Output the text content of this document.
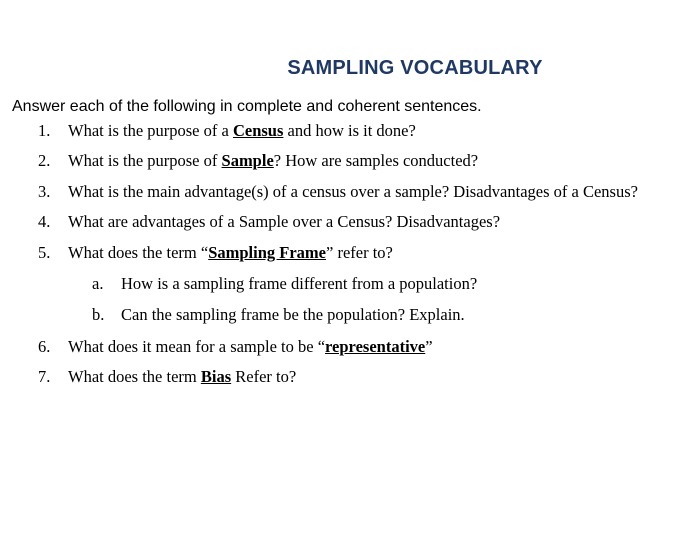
SAMPLING VOCABULARY
Answer each of the following in complete and coherent sentences.
1. What is the purpose of a Census and how is it done?
2. What is the purpose of Sample? How are samples conducted?
3. What is the main advantage(s) of a census over a sample? Disadvantages of a Census?
4. What are advantages of a Sample over a Census? Disadvantages?
5. What does the term “Sampling Frame” refer to?
a. How is a sampling frame different from a population?
b. Can the sampling frame be the population? Explain.
6. What does it mean for a sample to be “representative”
7. What does the term Bias Refer to?
